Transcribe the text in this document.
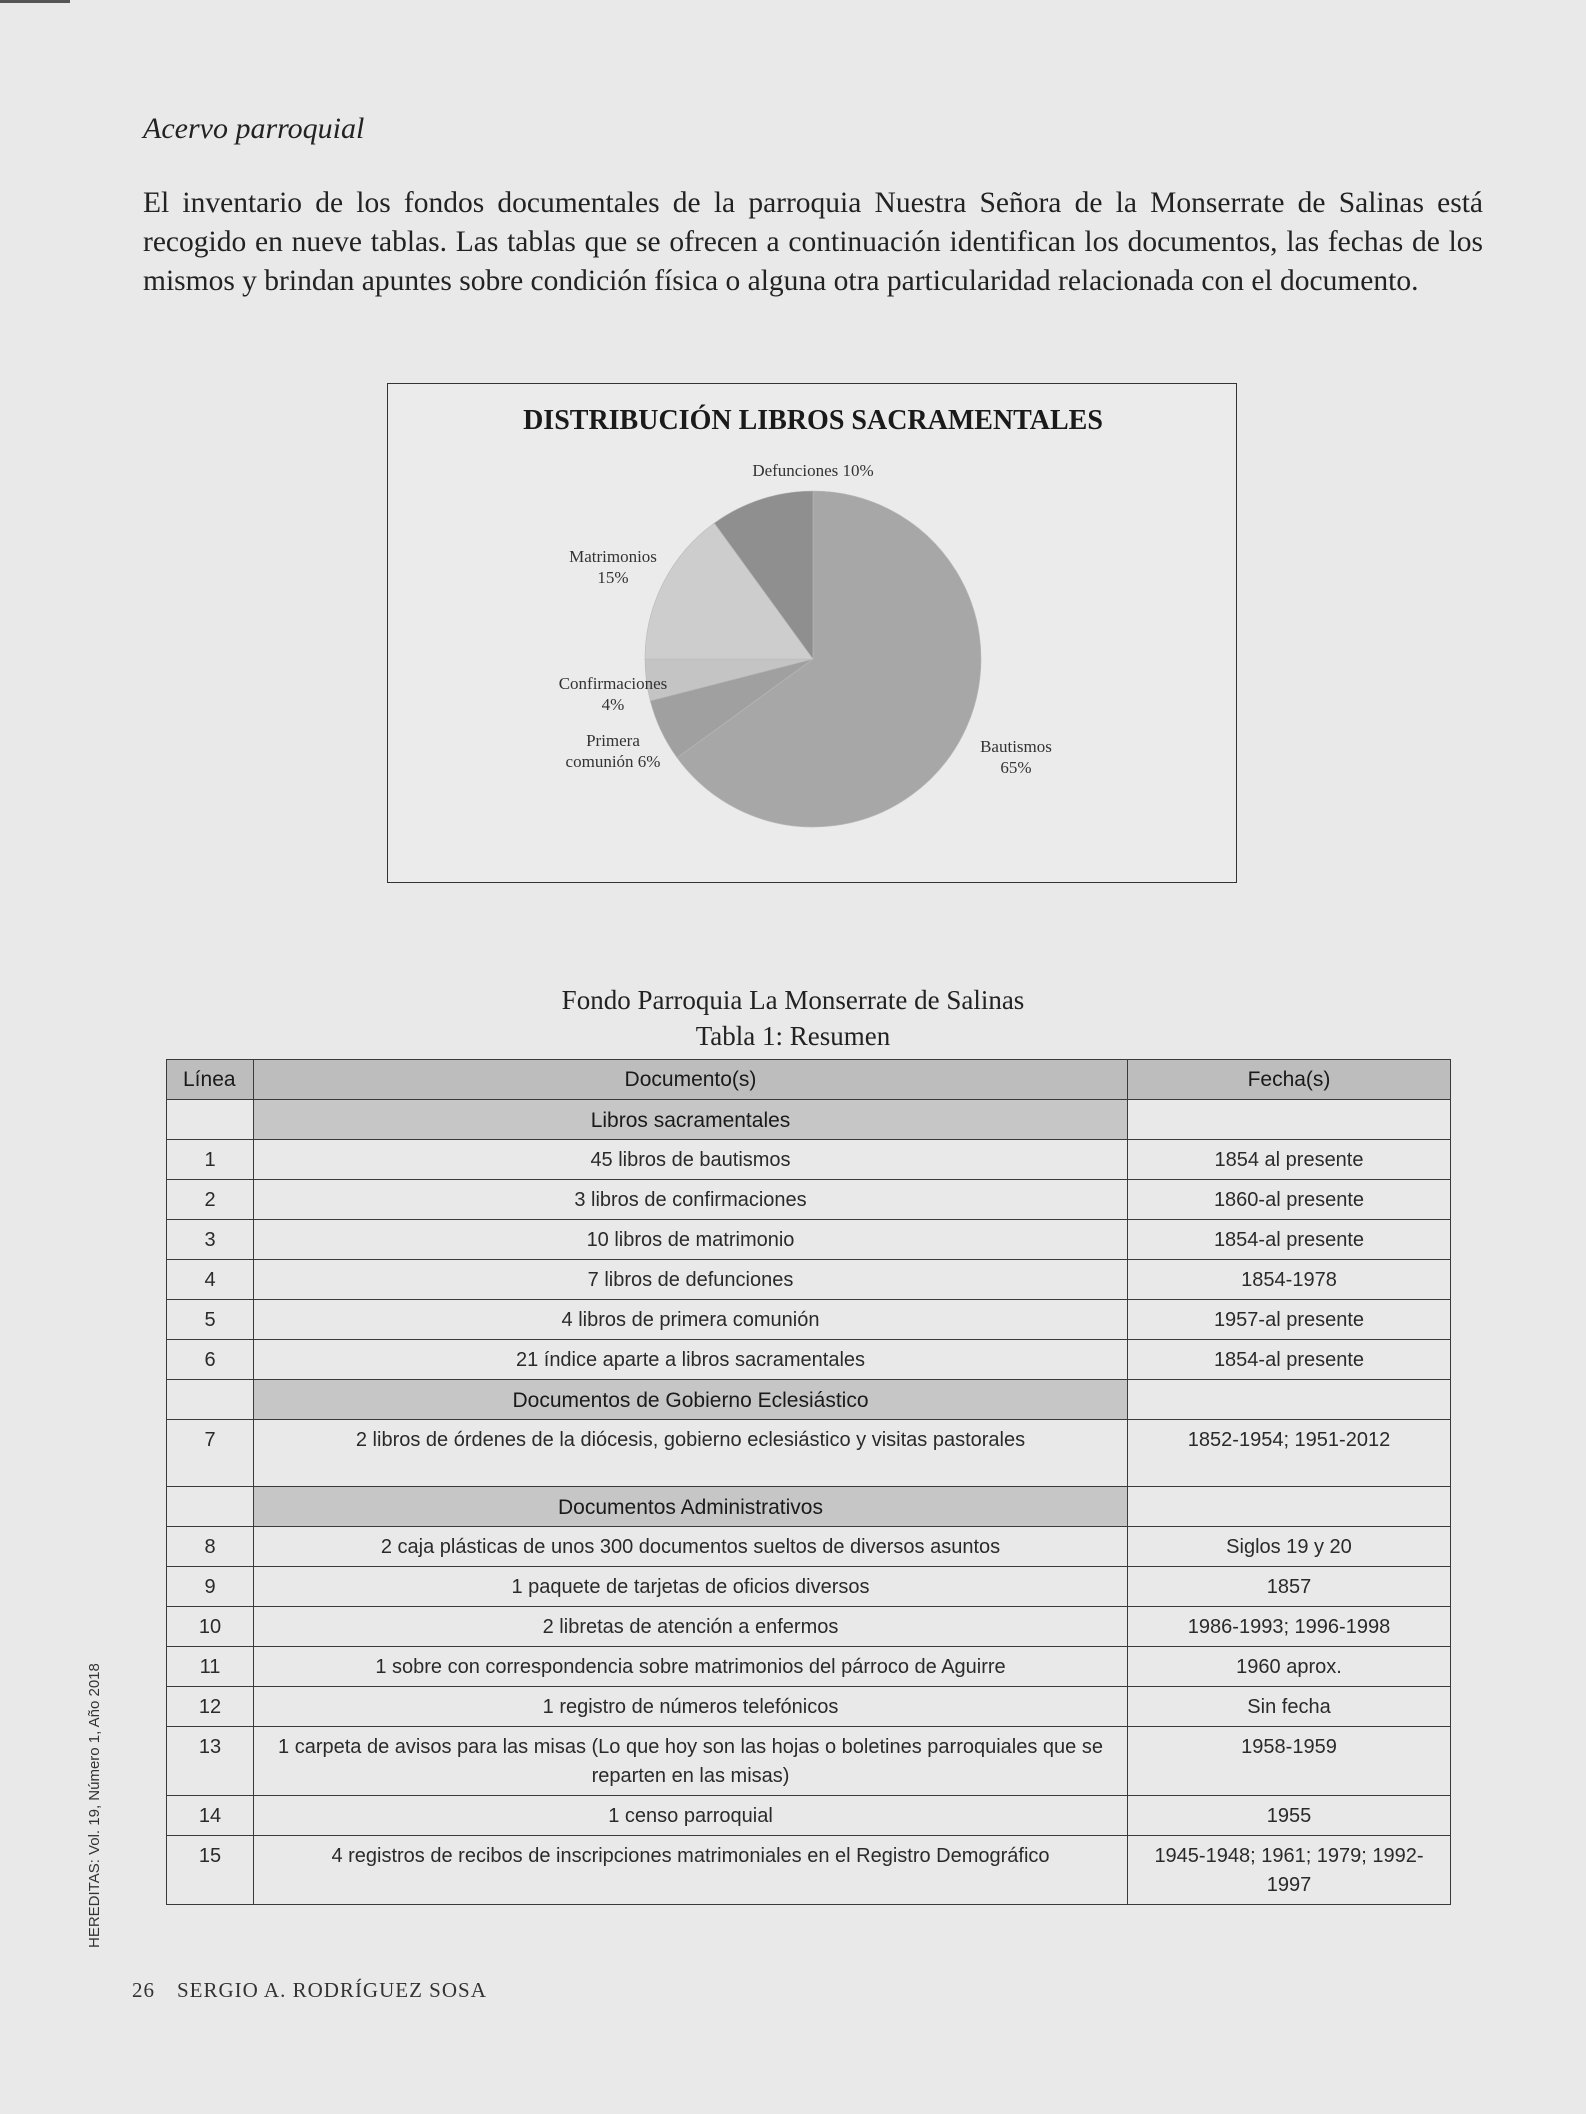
Acervo parroquial

El inventario de los fondos documentales de la parroquia Nuestra Señora de la Monserrate de Salinas está recogido en nueve tablas. Las tablas que se ofrecen a continuación identifican los documentos, las fechas de los mismos y brindan apuntes sobre condición física o alguna otra particularidad relacionada con el documento.

DISTRIBUCIÓN LIBROS SACRAMENTALES
Bautismos 65%
Primera comunión 6%
Confirmaciones 4%
Matrimonios 15%
Defunciones 10%
Fondo Parroquia La Monserrate de Salinas
Tabla 1: Resumen
Línea	Documento(s)	Fecha(s)
	Libros sacramentales	
1	45 libros de bautismos	1854 al presente
2	3 libros de confirmaciones	1860-al presente
3	10 libros de matrimonio	1854-al presente
4	7 libros de defunciones	1854-1978
5	4 libros de primera comunión	1957-al presente
6	21 índice aparte a libros sacramentales	1854-al presente
	Documentos de Gobierno Eclesiástico	
7	2 libros de órdenes de la diócesis, gobierno eclesiástico y visitas pastorales	1852-1954; 1951-2012
	Documentos Administrativos	
8	2 caja plásticas de unos 300 documentos sueltos de diversos asuntos	Siglos 19 y 20
9	1 paquete de tarjetas de oficios diversos	1857
10	2 libretas de atención a enfermos	1986-1993; 1996-1998
11	1 sobre con correspondencia sobre matrimonios del párroco de Aguirre	1960 aprox.
12	1 registro de números telefónicos	Sin fecha
13	1 carpeta de avisos para las misas (Lo que hoy son las hojas o boletines parroquiales que se reparten en las misas)	1958-1959
14	1 censo parroquial	1955
15	4 registros de recibos de inscripciones matrimoniales en el Registro Demográfico	1945-1948; 1961; 1979; 1992-1997
HEREDITAS: Vol. 19, Número 1, Año 2018
26 SERGIO A. RODRÍGUEZ SOSA
